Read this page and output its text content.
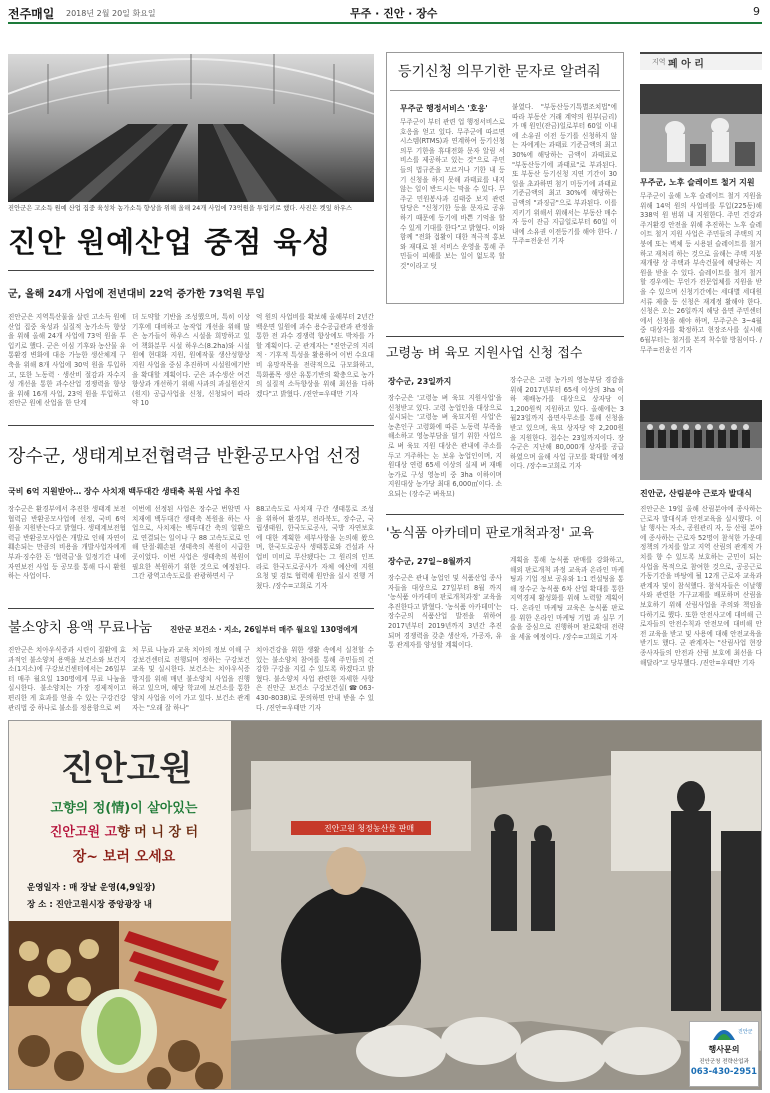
전주매일 2018년 2월 20일 화요일	무주 · 진안 · 장수	9
진안군은 고소득 원예 산업 집중 육성차 농가소득 향상을 위해 올해 24개 사업에 73억원을 투입키로 했다. 사진은 켓잎 하우스
진안 원예산업 중점 육성
군, 올해 24개 사업에 전년대비 22억 증가한 73억원 투입
진안군은 지역특산물을 살린 고소득 원예 산업 집중 육성과 실질적 농가소득 향상을 위해 올해 24개 사업에 73억 원을 투입키로 했다. 군은 이심 기후와 농산물 유통환경 변화에 대응 가능한 생산체계 구축을 위해 8개 사업에 30억 원을 투입하고, 또한 노동력 · 생산비 절감과 자수지 성 개선을 통한 과수산업 경쟁력을 향상을 위해 16개 사업, 23억 원을 투입하고 진안군 원예 산업을 한 단계
더 도약할 기반을 조성했으며, 특히 이상기후에 대비하고 농작업 개선을 위해 많은 농가들이 하우스 시설을 희망하고 있어 책화분무 시설 하우스(8.2ha)와 시설원예 현대화 지원, 원예작물 생산성향상 지원 사업을 중심 추진하며 시설원예기반을 확대할 계획이다. 군은 과수생산 여건 향상과 개선하기 위해 사과의 과실원산지(원지) 공급사업을 신청, 신청되어 따라 약 10
억 원의 사업비를 확보해 올해부터 2년간 백운면 일원에 과수 용수공급관과 관정을 통한 전 과수 경쟁력 향상에도 박차를 가할 계획이다. 군 관계자는 "진안군의 지리적 · 기후적 특성을 활용하여 이번 수요대비 유망작목을 전략적으로 규모화하고, 특화품목 생산 유통기반의 확충으로 농가의 실질적 소득향상을 위해 최선을 다하겠다"고 밝혔다. /진안=우태만 기자
등기신청 의무기한 문자로 알려줘
무주군 행정서비스 '호응'
무주군이 부터 관련 업 행정서비스로 호응을 얻고 있다. 무주군에 따르면시스템(RTMS)과 연계하여 등기신청 의무 기한을 휴대전화 문자 알림 서비스를 제공하고 있는 것"으로 주민들의 법규준을 모르거나 기한 내 등기 신청을 하지 못해 과태료를 내지 않는 일이 반드시는 막을 수 있다. 무주군 민원봉사과 김태중 보지 관련 담당은 "신청기한 등을 문자로 공유하기 때문에 등기에 바쁜 기억을 할 수 있게 기대를 한다"고 밝혔다. 이와 함께 "전화 접활이 대한 적극적 홍보와 재대로 된 서비스 운영을 통해 주민들이 피해를 보는 일이 없도록 할 것"이라고 덧
붙였다. "부동산등기특별조치법"에 따라 부동산 거래 계약의 원부(금리)가 매 원인(잔금)일로부터 60일 이내에 소유권 이전 등기를 신청하지 않는 자에게는 과태료 기준금액의 최고 30%에 해당하는 금액이 과태료로 "부동산등기에 과태료"로 부과된다. 또 부동산 등기신청 지연 기간이 30일을 초과하면 첨기 미등기에 과태료 기준금액의 최고 30%에 해당하는 금액의 "과징금"으로 부과된다. 이를 지키기 위해서 위해서는 부동산 매수자 등이 잔금 지급일로부터 60일 이내에 소유권 이전등기를 해야 한다. /무주=전윤선 기자
지역 페 아 리
무주군, 노후 슬레이트 철거 지원
무주군이 올해 노후 슬레이트 철거 지원을 위해 14억 원의 사업비를 투입(225동)해 338억 원 범위 내 지원한다. 주민 건강과 주거환경 안전을 위해 추진하는 노후 슬레이트 철거 지원 사업은 주민들의 주택의 지붕에 또는 벽체 등 시용된 슬레이트를 철거하고 재처리 하는 것으로 올해는 주택 지붕 재개량 상 주택과 부속건물에 해당하는 지원을 받을 수 있다. 슬레이트를 철거 철거할 경우에는 무인가 전문업체를 지원을 받을 수 있으며 신청기간에는 세대별 세대원 서류 제출 등 신청은 재계정 활해야 한다. 신청은 오는 26일까지 해당 읍면 주민센터에서 신청을 해야 하며, 무주군은 3~4월 중 대상자를 확정하고 현장조사를 실시해 6월부터는 철거를 본격 착수할 방침이다. /무주=전윤선 기자
진안군, 산림분야 근로자 발대식
진안군은 19일 올해 산림분야에 종사하는 근로자 발대식과 안전교육을 실시했다. 이날 행사는 자소, 공원관리 자, 등 산림 분야에 종사하는 근로자 52명이 참석한 가운데 정책의 가치를 알고 지역 산림의 관계적 가치를 향 수 있도록 보호하는 군민이 되는 사업을 목적으로 참여한 것으로, 공공근로가동기간을 바탕에 될 12개 근로자 교육과 관계자 및이 참석했다. 참석자들은 이날행사와 관련한 가구교재를 배포하며 산림을 보호하기 위해 산림사업을 주의와 책임을 다하기로 했다. 또한 안전사고에 대비해 근로자들의 안전수칙과 안전모에 대비해 안전 교육을 받고 및 사용에 대해 안전교육을 받기도 했다. 군 관계자는 "산림사업 현장 종사자들의 안전과 산림 보호에 최선을 다해달라"고 당부했다. /진안=우태만 기자
장수군, 생태계보전협력금 반환공모사업 선정
국비 6억 지원받아… 장수 사치재 백두대간 생태축 복원 사업 추진
장수군은 환경부에서 추진한 생태계 보전협력금 반환공모사업에 선정, 국비 6억 원을 지원받는다고 밝혔다. 생태계보전협력금 반환공모사업은 개발로 인해 자연이 훼손되는 만큼의 비용을 개발사업자에게 부과·징수한 돈 '협력금'을 일정기간 내에 자연보전 사업 등 공모를 통해 다시 환원하는 사업이다.
이번에 선정된 사업은 장수군 번암면 사치재에 백두대간 생태축 복원을 하는 사업으로, 사치재는 백두대간 축의 일환으로 연결되는 일이나 구 88 고속도로로 인해 단절·훼손된 생태축의 복원이 시급한 곳이었다. 이번 사업은 생태축의 복원이 필요한 복원하기 위한 것으로 예정된다. 그간 광역고속도로를 관광하면서 구
88고속도로 사치재 구간 생태통로 조성을 위하여 환경부, 전라북도, 장수군, 국립생태원, 한국도로공사, 국방 자연보호에 대한 계획한 세부사항을 논의해 왔으며, 한국도로공사 생태통로와 건설과 사업비 미비로 무산됐다는 그 원리의 인프라로 한국도로공사가 자체 예산에 지원 요청 및 검토 협력해 원안을 실시 진행 거쳤다. /장수=고희로 기자
불소양치 용액 무료나눔	진안군 보건소 · 지소, 26일부터 매주 월요일 130명에게
진안군은 치아우식증과 시린이 질환에 효과적인 불소양치 용액을 보건소와 보건지소(1지소)에 구강보건센터에서는 26일부터 매주 월요일 130명에게 무료 나눔을 실시한다. 불소양치는 가장 경제적이고 편리한 게 효과를 얻을 수 있는 구강건강 관리법 중 하나로 불소를 정용함으로 써
처 무료 나눔과 교육 치아의 정보 이해 구강보건센터로 진행되며 정하는 구강보건교육 및 실시한다. 보건소는 치아우식증 방지를 위해 매년 불소양치 사업을 진행하고 있으며, 해당 학교에 보건소를 통한 양치 사업을 이어 가고 있다. 보건소 관계자는 "오래 잘 하나"
치아건강을 위한 생활 속에서 실천할 수 있는 불소양치 참여를 통해 주민들의 건강한 구강을 지킬 수 있도록 하겠다고 밝혔다. 불소양치 사업 관련한 자세한 사항은 진안군 보건소 구강보건실(☎063-430-8038)로 문의하면 안내 받을 수 있다. /진안=우태만 기자
고령농 벼 육모 지원사업 신청 접수
장수군, 23일까지
장수군은 '고령농 벼 육묘 지원사업'을 신청받고 있다. 고령 농업인을 대상으로 실시되는 '고령농 벼 육묘지원 사업'은 농촌인구 고령화에 따른 노동력 부족을 해소하고 영농부담을 덜기 위한 사업으로 벼 육묘 지원 대상은 관내에 주소를 두고 거주하는 논 보유 농업인이며, 지원대상 연령 65세 이상의 실제 벼 재배 농가로 구성 영농비 중 3ha 이하이며 지원대상 농가당 최대 6,000㎡이다. 소요되는 (장수군 벼육묘)
장수군은 고령 농가의 영농부담 경감을 위해 2017년부터 65세 이상의 3ha 이하 재배농가를 대상으로 상자당 이 1,200원씩 지원하고 있다. 올해에는 3월23일까지 읍면사무소를 통해 신청을 받고 있으며, 육묘 상자당 약 2,200원을 지원한다. 접수는 23일까지이다. 장수군은 지난해 80,000개 상자를 공급하였으며 올해 사업 규모를 확대할 예정이다. /장수=고희로 기자
'농식품 아카데미 판로개척과정' 교육
장수군, 27일~8월까지
장수군은 관내 농업인 및 식품산업 종사자들을 대상으로 27일부터 8월 까지 '농식품 아카데미 판로개척과정' 교육을 추진한다고 밝혔다. '농식품 아카데미'는 장수군의 식품산업 발전을 위하여 2017년부터 2019년까지 3년간 추진되며 경쟁력을 갖춘 생산자, 가공자, 유통 관계자를 양성할 계획이다.
계획을 통해 농식품 판매를 강화하고, 해외 판로개척 과정 교육과 온라인 마케팅과 기업 정보 공유와 1:1 컨설팅을 통해 장수군 농식품 6차 산업 확대를 통한 지역경제 활성화를 위해 노력할 계획이다. 온라인 마케팅 교육은 농식품 판로를 위한 온라인 마케팅 기법 과 실무 기술을 중심으로 진행하며 판로확대 전략을 세울 예정이다. /장수=고희로 기자
진안고원
고향의 정(情)이 살아있는
진안고원 고향 머 니 장 터
장~ 보러 오세요
운영일자 : 매 장날 운영(4,9일장)
장 소 : 진안고원시장 중앙광장 내
진안고원 청정농산물 판매
진안군
행사문의
진안군청 전략산업과
063-430-2951
